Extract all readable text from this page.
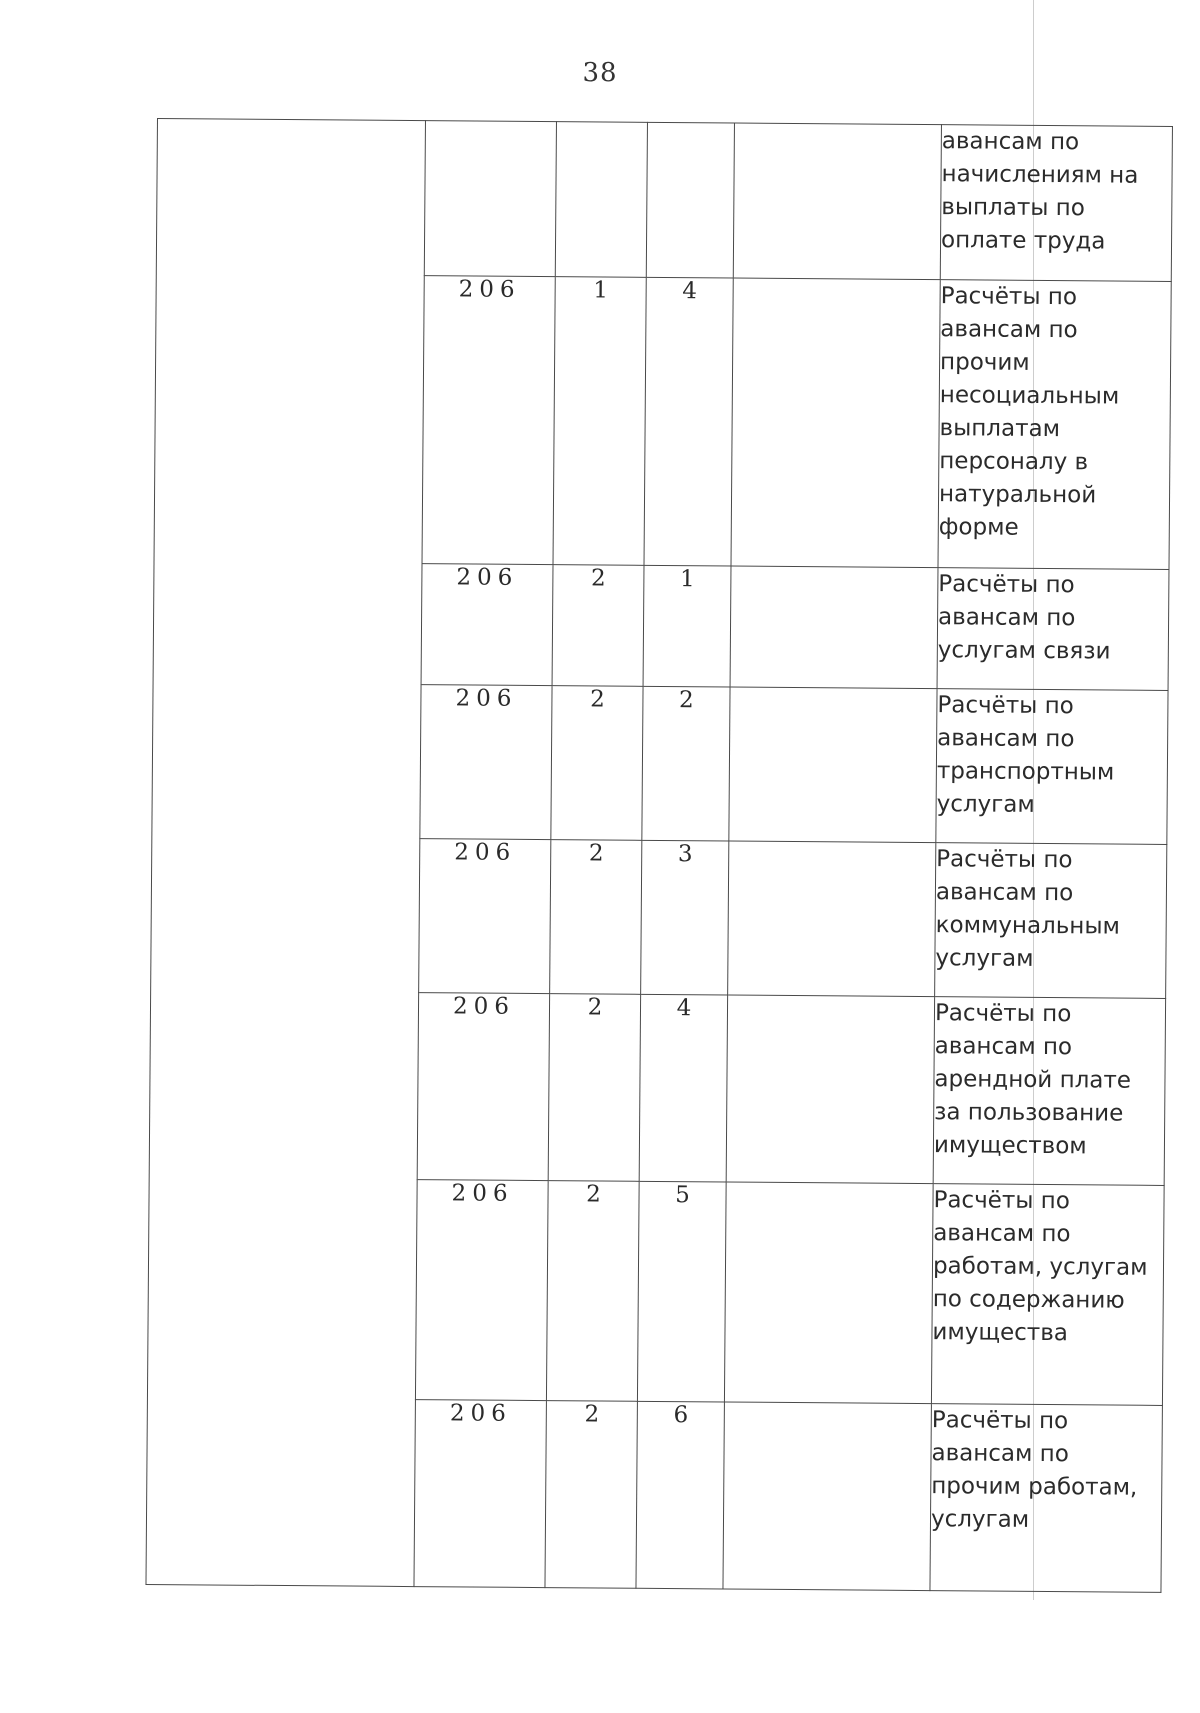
38
					авансам по начислениям на выплаты по оплате труда
	206	1	4		Расчёты по авансам по прочим несоциальным выплатам персоналу в натуральной форме
	206	2	1		Расчёты по авансам по услугам связи
	206	2	2		Расчёты по авансам по транспортным услугам
	206	2	3		Расчёты по авансам по коммунальным услугам
	206	2	4		Расчёты по авансам по арендной плате за пользование имуществом
	206	2	5		Расчёты по авансам по работам, услугам по содержанию имущества
	206	2	6		Расчёты по авансам по прочим работам, услугам
